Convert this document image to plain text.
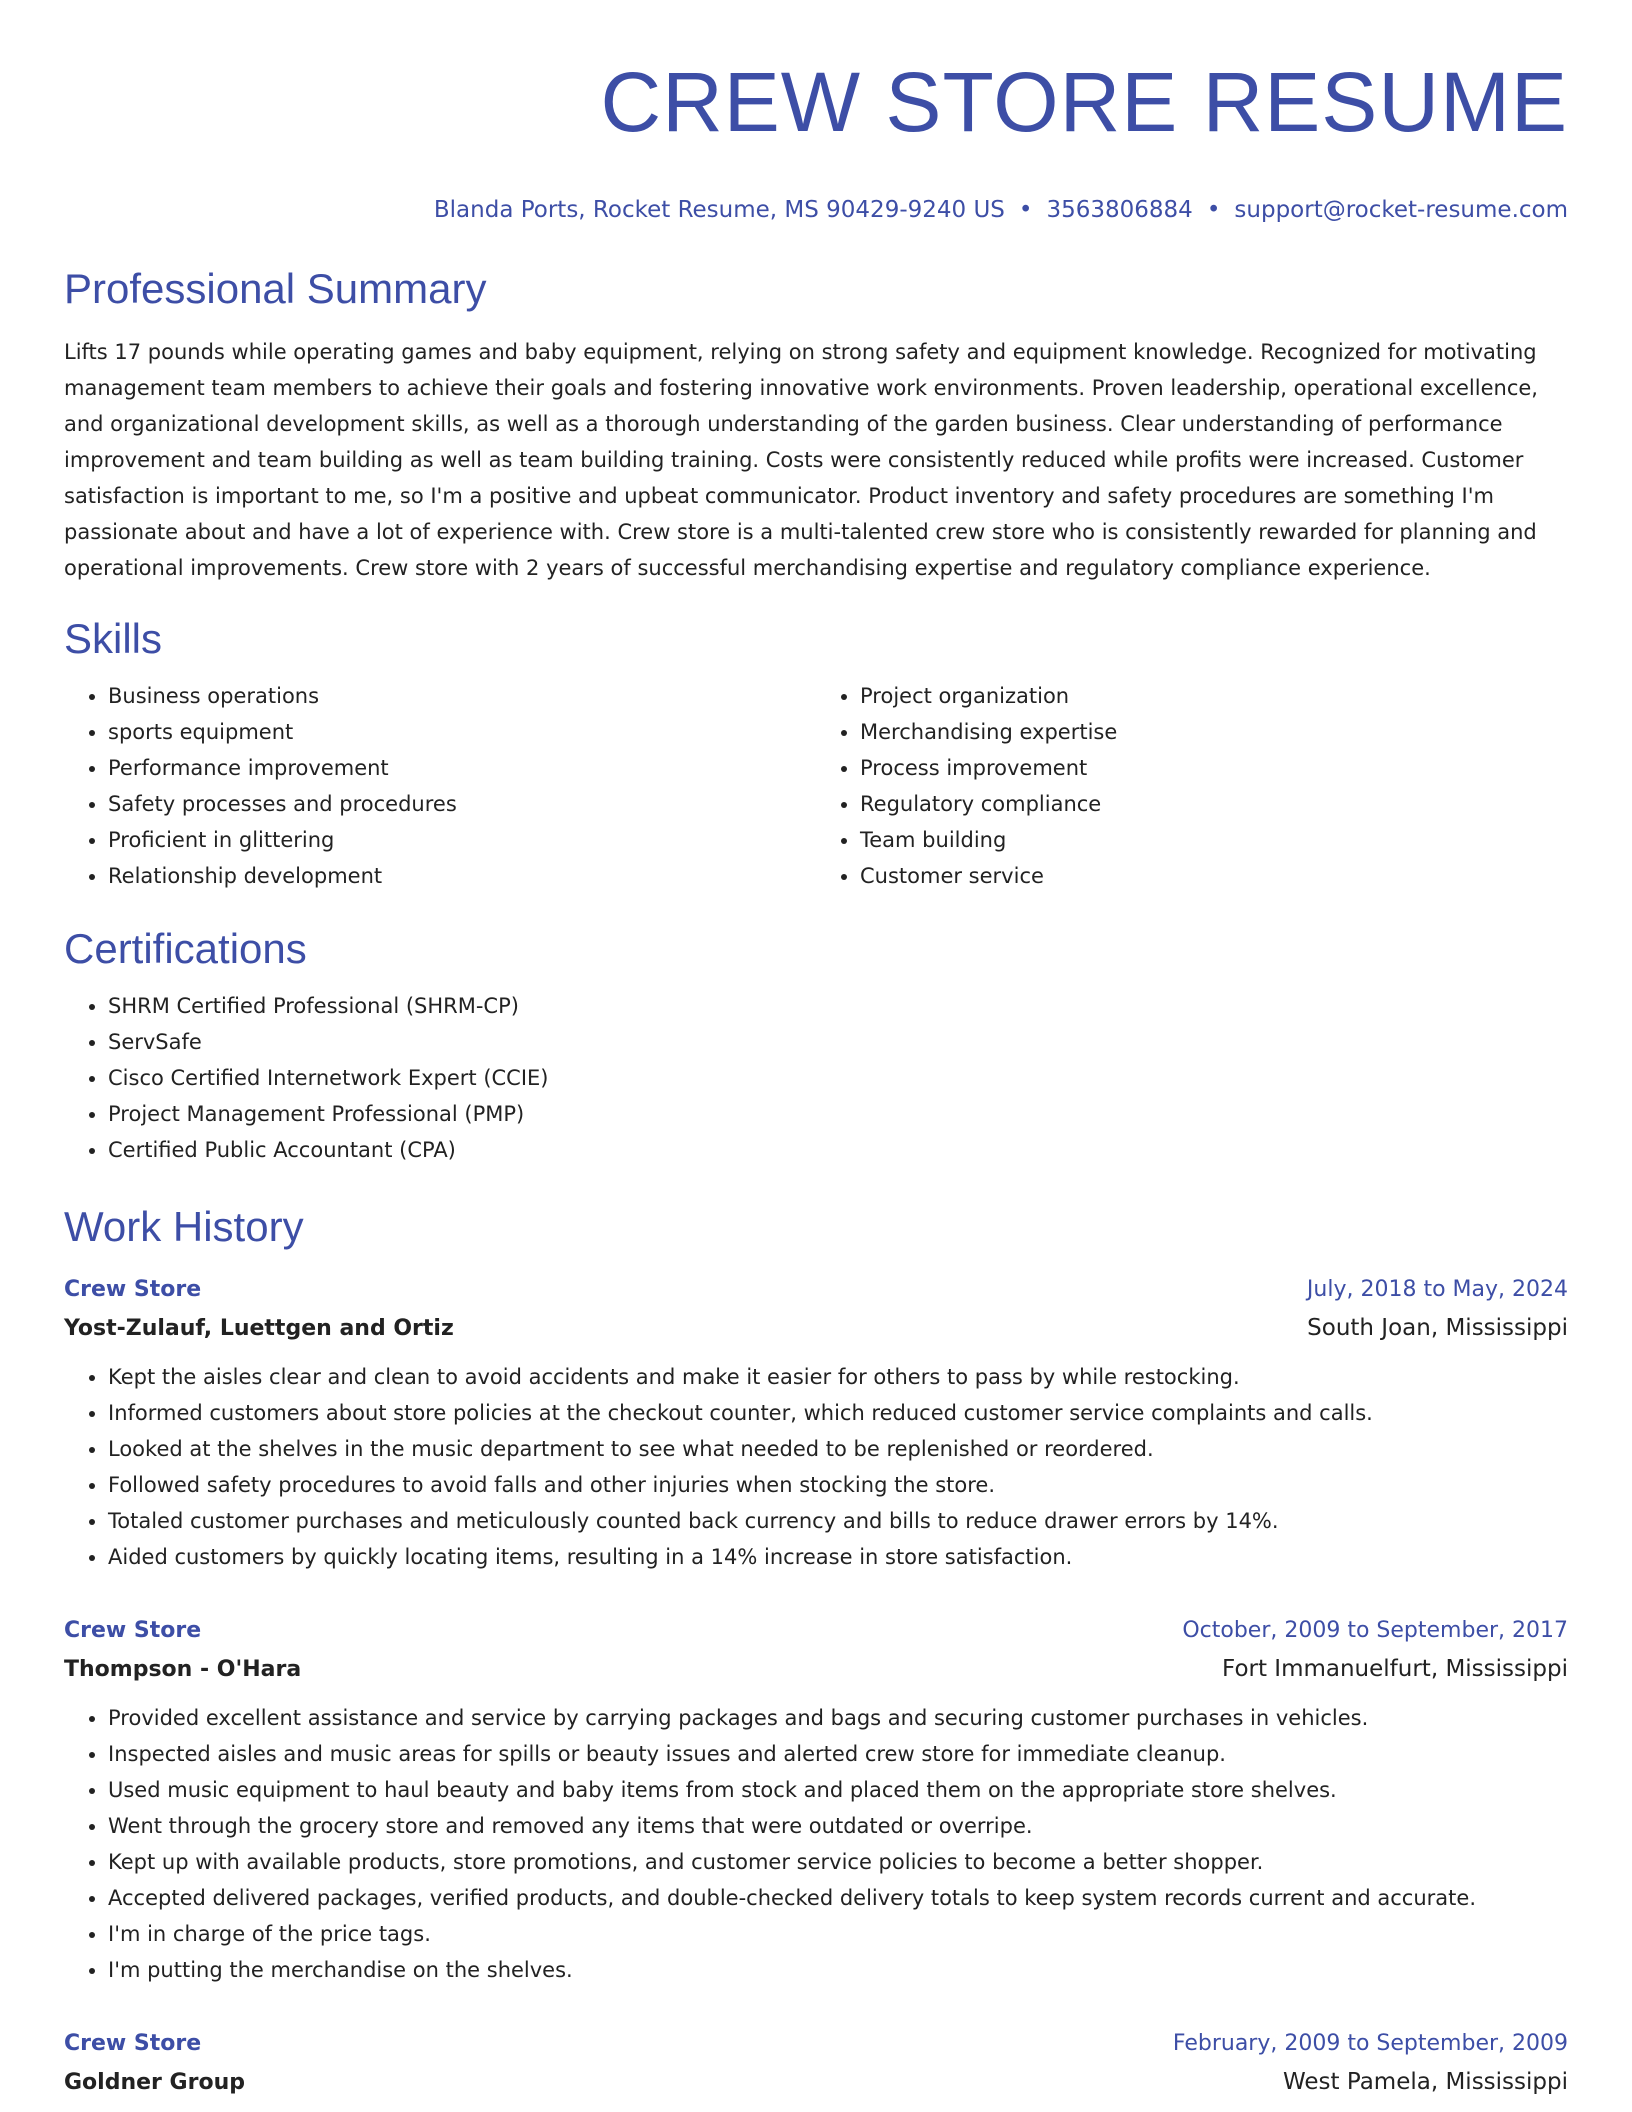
CREW STORE RESUME
Blanda Ports, Rocket Resume, MS 90429-9240 US • 3563806884 • support@rocket-resume.com
Professional Summary

Lifts 17 pounds while operating games and baby equipment, relying on strong safety and equipment knowledge. Recognized for motivating management team members to achieve their goals and fostering innovative work environments. Proven leadership, operational excellence, and organizational development skills, as well as a thorough understanding of the garden business. Clear understanding of performance improvement and team building as well as team building training. Costs were consistently reduced while profits were increased. Customer satisfaction is important to me, so I'm a positive and upbeat communicator. Product inventory and safety procedures are something I'm passionate about and have a lot of experience with. Crew store is a multi-talented crew store who is consistently rewarded for planning and operational improvements. Crew store with 2 years of successful merchandising expertise and regulatory compliance experience.

Skills
• Business operations
• sports equipment
• Performance improvement
• Safety processes and procedures
• Proficient in glittering
• Relationship development
• Project organization
• Merchandising expertise
• Process improvement
• Regulatory compliance
• Team building
• Customer service
Certifications
• SHRM Certified Professional (SHRM-CP)
• ServSafe
• Cisco Certified Internetwork Expert (CCIE)
• Project Management Professional (PMP)
• Certified Public Accountant (CPA)
Work History
Crew Store	July, 2018 to May, 2024
Yost-Zulauf, Luettgen and Ortiz	South Joan, Mississippi
• Kept the aisles clear and clean to avoid accidents and make it easier for others to pass by while restocking.
• Informed customers about store policies at the checkout counter, which reduced customer service complaints and calls.
• Looked at the shelves in the music department to see what needed to be replenished or reordered.
• Followed safety procedures to avoid falls and other injuries when stocking the store.
• Totaled customer purchases and meticulously counted back currency and bills to reduce drawer errors by 14%.
• Aided customers by quickly locating items, resulting in a 14% increase in store satisfaction.
Crew Store	October, 2009 to September, 2017
Thompson - O'Hara	Fort Immanuelfurt, Mississippi
• Provided excellent assistance and service by carrying packages and bags and securing customer purchases in vehicles.
• Inspected aisles and music areas for spills or beauty issues and alerted crew store for immediate cleanup.
• Used music equipment to haul beauty and baby items from stock and placed them on the appropriate store shelves.
• Went through the grocery store and removed any items that were outdated or overripe.
• Kept up with available products, store promotions, and customer service policies to become a better shopper.
• Accepted delivered packages, verified products, and double-checked delivery totals to keep system records current and accurate.
• I'm in charge of the price tags.
• I'm putting the merchandise on the shelves.
Crew Store	February, 2009 to September, 2009
Goldner Group	West Pamela, Mississippi
